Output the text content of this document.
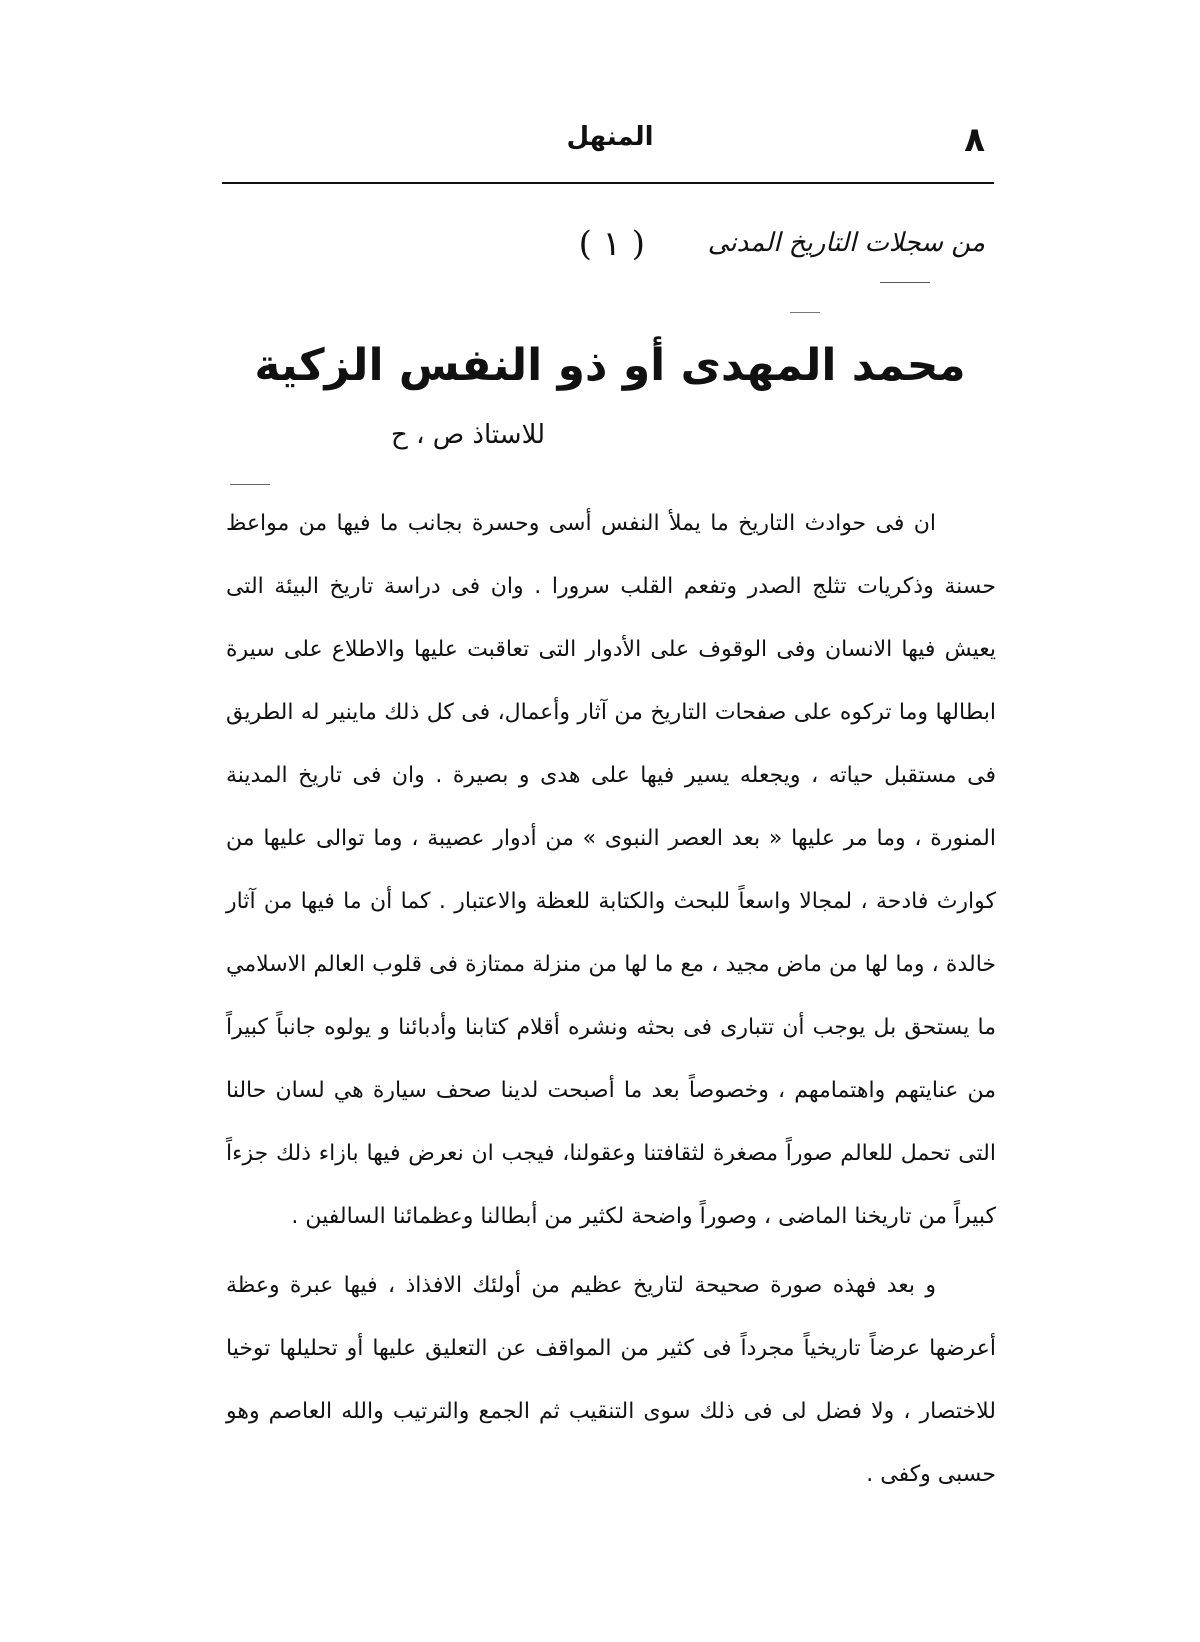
٨
المنهل
من سجلات التاريخ المدنى
( ١ )
محمد المهدى أو ذو النفس الزكية
للاستاذ ص ، ح

ان فى حوادث التاريخ ما يملأ النفس أسى وحسرة بجانب ما فيها من مواعظ حسنة وذكريات تثلج الصدر وتفعم القلب سرورا . وان فى دراسة تاريخ البيئة التى يعيش فيها الانسان وفى الوقوف على الأدوار التى تعاقبت عليها والاطلاع على سيرة ابطالها وما تركوه على صفحات التاريخ من آثار وأعمال، فى كل ذلك ماينير له الطريق فى مستقبل حياته ، ويجعله يسير فيها على هدى و بصيرة . وان فى تاريخ المدينة المنورة ، وما مر عليها « بعد العصر النبوى » من أدوار عصيبة ، وما توالى عليها من كوارث فادحة ، لمجالا واسعاً للبحث والكتابة للعظة والاعتبار . كما أن ما فيها من آثار خالدة ، وما لها من ماض مجيد ، مع ما لها من منزلة ممتازة فى قلوب العالم الاسلامي ما يستحق بل يوجب أن تتبارى فى بحثه ونشره أقلام كتابنا وأدبائنا و يولوه جانباً كبيراً من عنايتهم واهتمامهم ، وخصوصاً بعد ما أصبحت لدينا صحف سيارة هي لسان حالنا التى تحمل للعالم صوراً مصغرة لثقافتنا وعقولنا، فيجب ان نعرض فيها بازاء ذلك جزءاً كبيراً من تاريخنا الماضى ، وصوراً واضحة لكثير من أبطالنا وعظمائنا السالفين .

و بعد فهذه صورة صحيحة لتاريخ عظيم من أولئك الافذاذ ، فيها عبرة وعظة أعرضها عرضاً تاريخياً مجرداً فى كثير من المواقف عن التعليق عليها أو تحليلها توخيا للاختصار ، ولا فضل لى فى ذلك سوى التنقيب ثم الجمع والترتيب والله العاصم وهو حسبى وكفى .
